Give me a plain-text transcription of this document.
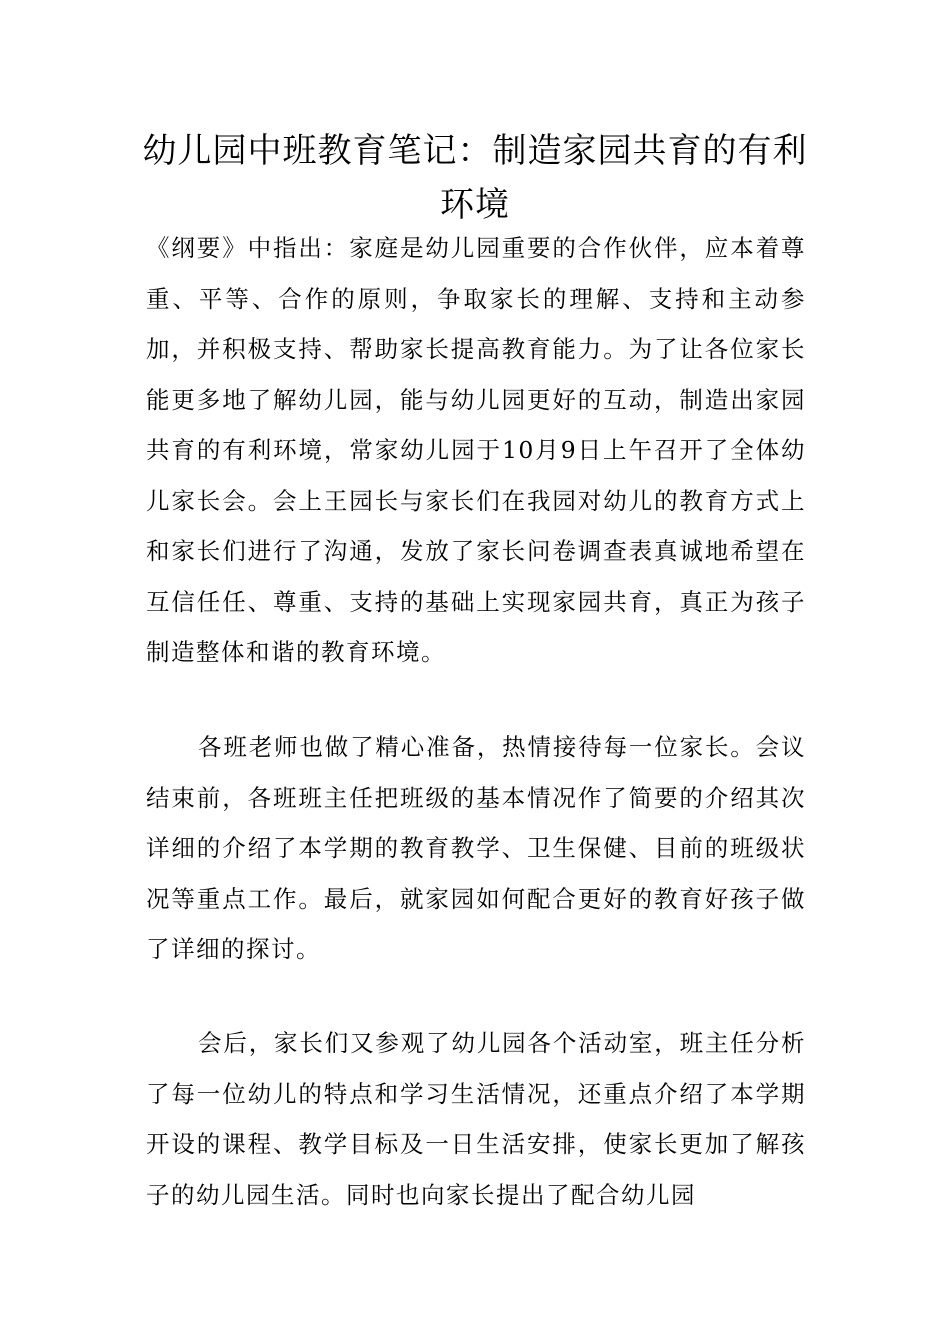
幼儿园中班教育笔记：制造家园共育的有利环境

《纲要》中指出：家庭是幼儿园重要的合作伙伴，应本着尊重、平等、合作的原则，争取家长的理解、支持和主动参加，并积极支持、帮助家长提高教育能力。为了让各位家长能更多地了解幼儿园，能与幼儿园更好的互动，制造出家园共育的有利环境，常家幼儿园于10月9日上午召开了全体幼儿家长会。会上王园长与家长们在我园对幼儿的教育方式上和家长们进行了沟通，发放了家长问卷调查表真诚地希望在互信任任、尊重、支持的基础上实现家园共育，真正为孩子制造整体和谐的教育环境。

各班老师也做了精心准备，热情接待每一位家长。会议结束前，各班班主任把班级的基本情况作了简要的介绍其次详细的介绍了本学期的教育教学、卫生保健、目前的班级状况等重点工作。最后，就家园如何配合更好的教育好孩子做了详细的探讨。

会后，家长们又参观了幼儿园各个活动室，班主任分析了每一位幼儿的特点和学习生活情况，还重点介绍了本学期开设的课程、教学目标及一日生活安排，使家长更加了解孩子的幼儿园生活。同时也向家长提出了配合幼儿园
